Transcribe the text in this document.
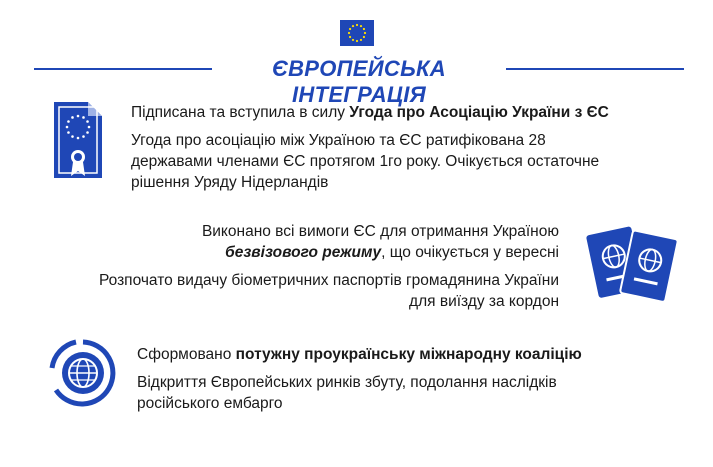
ЄВРОПЕЙСЬКА ІНТЕГРАЦІЯ
Підписана та вступила в силу Угода про Асоціацію України з ЄС
Угода про асоціацію між Україною та ЄС ратифікована 28
державами членами ЄС протягом 1го року. Очікується остаточне
рішення Уряду Нідерландів
Виконано всі вимоги ЄС для отримання Україною
безвізового режиму, що очікується у вересні
Розпочато видачу біометричних паспортів громадянина України
для виїзду за кордон
Сформовано потужну проукраїнську міжнародну коаліцію
Відкриття Європейських ринків збуту, подолання наслідків
російського ембарго
